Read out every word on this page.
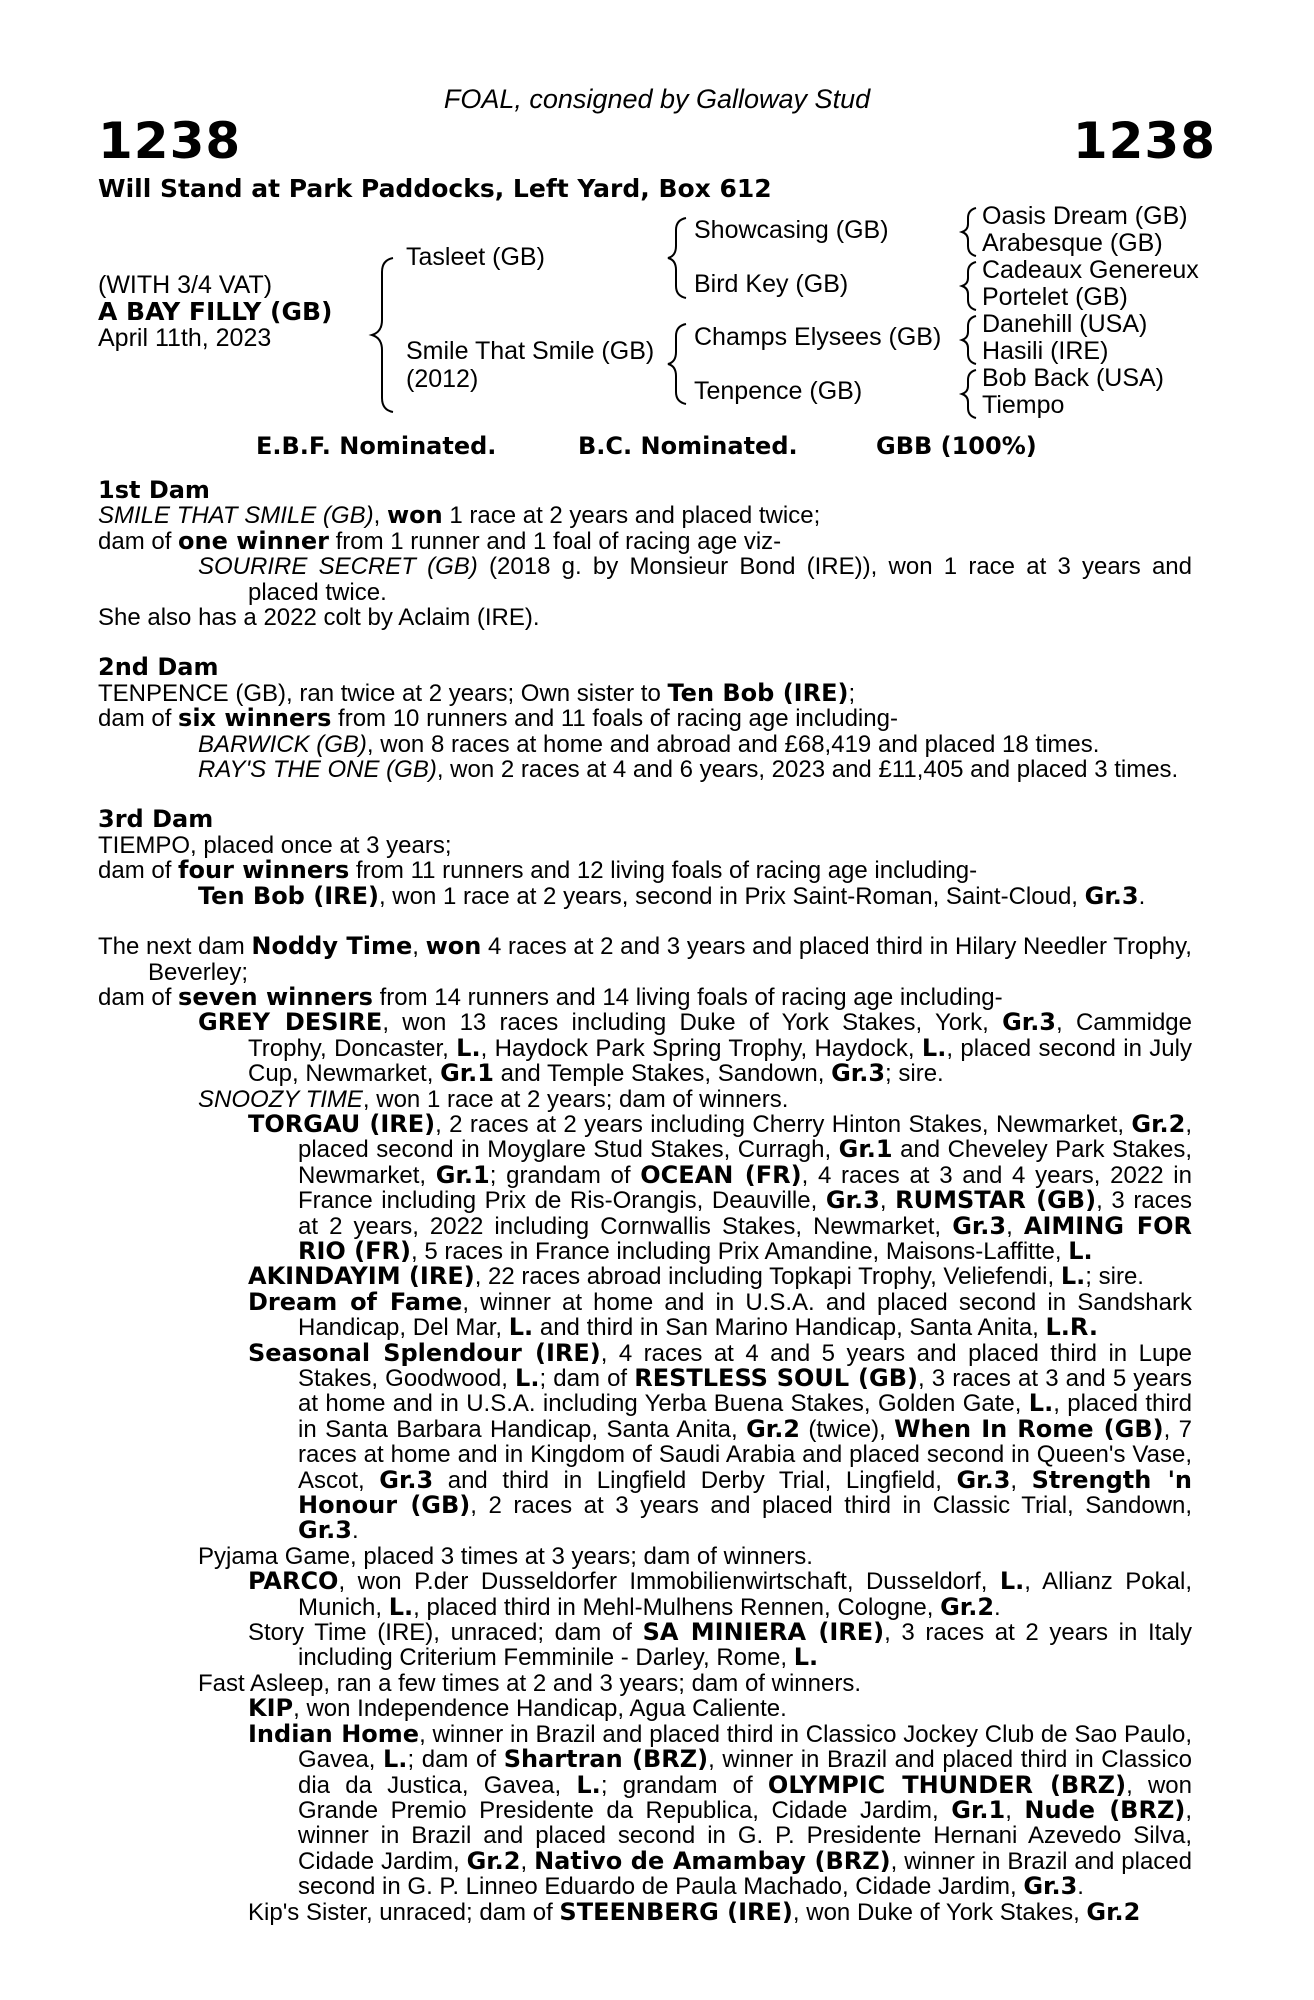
FOAL, consigned by Galloway Stud
1238	1238
Will Stand at Park Paddocks, Left Yard, Box 612
(WITH 3/4 VAT)
A BAY FILLY (GB)
April 11th, 2023
Tasleet (GB)
Smile That Smile (GB)
(2012)
Showcasing (GB)
Bird Key (GB)
Champs Elysees (GB)
Tenpence (GB)
Oasis Dream (GB)
Arabesque (GB)
Cadeaux Genereux
Portelet (GB)
Danehill (USA)
Hasili (IRE)
Bob Back (USA)
Tiempo
E.B.F. Nominated.	B.C. Nominated.	GBB (100%)

1st Dam

SMILE THAT SMILE (GB), won 1 race at 2 years and placed twice;

dam of one winner from 1 runner and 1 foal of racing age viz-

SOURIRE SECRET (GB) (2018 g. by Monsieur Bond (IRE)), won 1 race at 3 years and placed twice.

She also has a 2022 colt by Aclaim (IRE).

2nd Dam

TENPENCE (GB), ran twice at 2 years; Own sister to Ten Bob (IRE);

dam of six winners from 10 runners and 11 foals of racing age including-

BARWICK (GB), won 8 races at home and abroad and £68,419 and placed 18 times.

RAY'S THE ONE (GB), won 2 races at 4 and 6 years, 2023 and £11,405 and placed 3 times.

3rd Dam

TIEMPO, placed once at 3 years;

dam of four winners from 11 runners and 12 living foals of racing age including-

Ten Bob (IRE), won 1 race at 2 years, second in Prix Saint-Roman, Saint-Cloud, Gr.3.

The next dam Noddy Time, won 4 races at 2 and 3 years and placed third in Hilary Needler Trophy, Beverley;

dam of seven winners from 14 runners and 14 living foals of racing age including-

GREY DESIRE, won 13 races including Duke of York Stakes, York, Gr.3, Cammidge Trophy, Doncaster, L., Haydock Park Spring Trophy, Haydock, L., placed second in July Cup, Newmarket, Gr.1 and Temple Stakes, Sandown, Gr.3; sire.

SNOOZY TIME, won 1 race at 2 years; dam of winners.

TORGAU (IRE), 2 races at 2 years including Cherry Hinton Stakes, Newmarket, Gr.2, placed second in Moyglare Stud Stakes, Curragh, Gr.1 and Cheveley Park Stakes, Newmarket, Gr.1; grandam of OCEAN (FR), 4 races at 3 and 4 years, 2022 in France including Prix de Ris-Orangis, Deauville, Gr.3, RUMSTAR (GB), 3 races at 2 years, 2022 including Cornwallis Stakes, Newmarket, Gr.3, AIMING FOR RIO (FR), 5 races in France including Prix Amandine, Maisons-Laffitte, L.

AKINDAYIM (IRE), 22 races abroad including Topkapi Trophy, Veliefendi, L.; sire.

Dream of Fame, winner at home and in U.S.A. and placed second in Sandshark Handicap, Del Mar, L. and third in San Marino Handicap, Santa Anita, L.R.

Seasonal Splendour (IRE), 4 races at 4 and 5 years and placed third in Lupe Stakes, Goodwood, L.; dam of RESTLESS SOUL (GB), 3 races at 3 and 5 years at home and in U.S.A. including Yerba Buena Stakes, Golden Gate, L., placed third in Santa Barbara Handicap, Santa Anita, Gr.2 (twice), When In Rome (GB), 7 races at home and in Kingdom of Saudi Arabia and placed second in Queen's Vase, Ascot, Gr.3 and third in Lingfield Derby Trial, Lingfield, Gr.3, Strength 'n Honour (GB), 2 races at 3 years and placed third in Classic Trial, Sandown, Gr.3.

Pyjama Game, placed 3 times at 3 years; dam of winners.

PARCO, won P.der Dusseldorfer Immobilienwirtschaft, Dusseldorf, L., Allianz Pokal, Munich, L., placed third in Mehl-Mulhens Rennen, Cologne, Gr.2.

Story Time (IRE), unraced; dam of SA MINIERA (IRE), 3 races at 2 years in Italy including Criterium Femminile - Darley, Rome, L.

Fast Asleep, ran a few times at 2 and 3 years; dam of winners.

KIP, won Independence Handicap, Agua Caliente.

Indian Home, winner in Brazil and placed third in Classico Jockey Club de Sao Paulo, Gavea, L.; dam of Shartran (BRZ), winner in Brazil and placed third in Classico dia da Justica, Gavea, L.; grandam of OLYMPIC THUNDER (BRZ), won Grande Premio Presidente da Republica, Cidade Jardim, Gr.1, Nude (BRZ), winner in Brazil and placed second in G. P. Presidente Hernani Azevedo Silva, Cidade Jardim, Gr.2, Nativo de Amambay (BRZ), winner in Brazil and placed second in G. P. Linneo Eduardo de Paula Machado, Cidade Jardim, Gr.3.

Kip's Sister, unraced; dam of STEENBERG (IRE), won Duke of York Stakes, Gr.2
